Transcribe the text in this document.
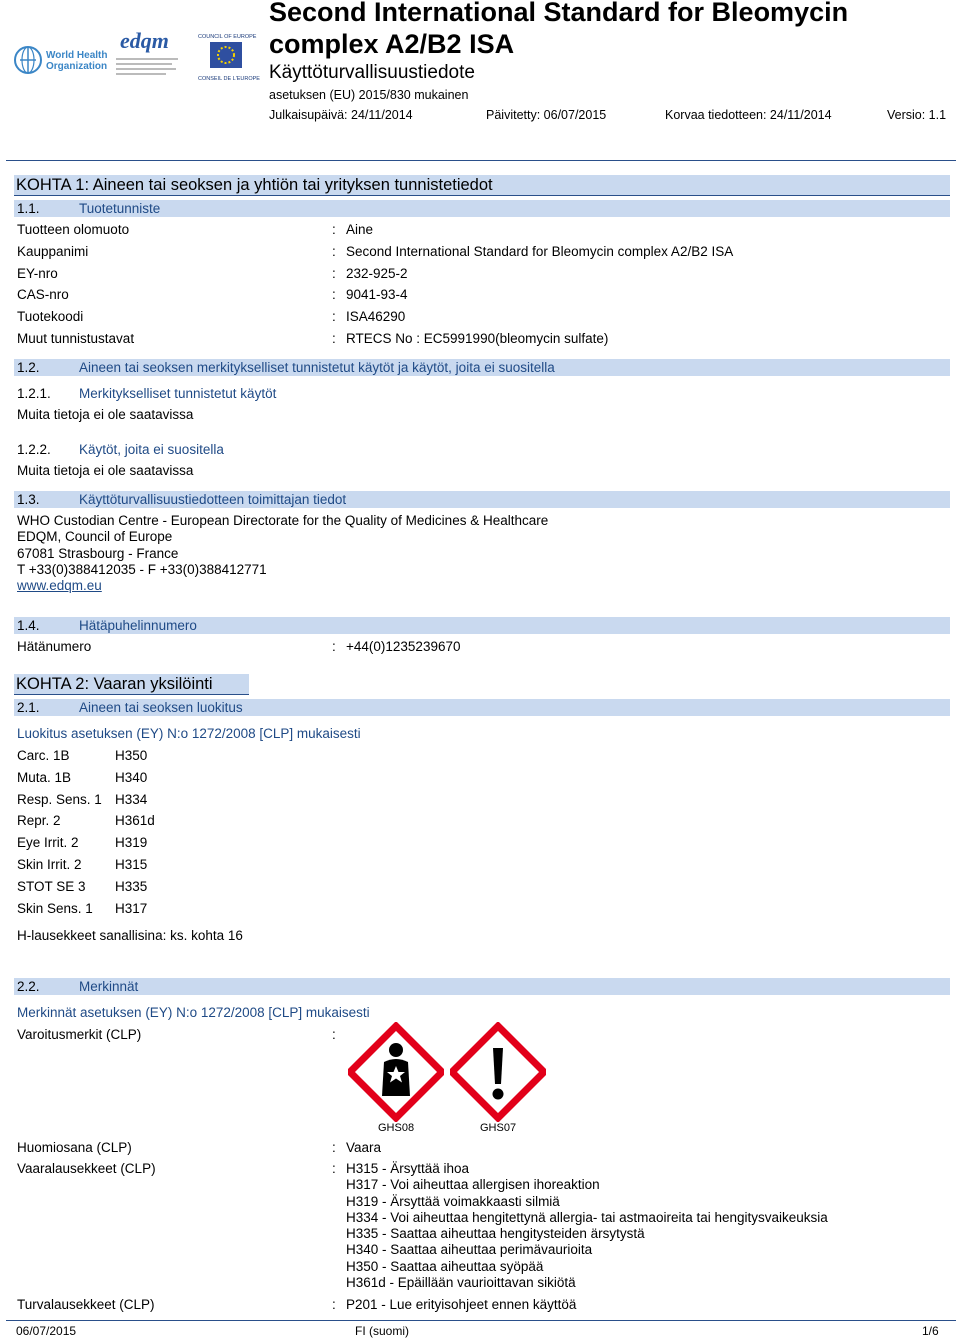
World Health
Organization
edqm	COUNCIL OF EUROPE
CONSEIL DE L'EUROPE
Second International Standard for Bleomycin
complex A2/B2 ISA
Käyttöturvallisuustiedote
asetuksen (EU) 2015/830 mukainen
Julkaisupäivä: 24/11/2014	Päivitetty: 06/07/2015	Korvaa tiedotteen: 24/11/2014	Versio: 1.1
KOHTA 1: Aineen tai seoksen ja yhtiön tai yrityksen tunnistetiedot
1.1.	Tuotetunniste
Tuotteen olomuoto	: Aine
Kauppanimi	: Second International Standard for Bleomycin complex A2/B2 ISA
EY-nro	: 232-925-2
CAS-nro	: 9041-93-4
Tuotekoodi	: ISA46290
Muut tunnistustavat	: RTECS No : EC5991990(bleomycin sulfate)
1.2.	Aineen tai seoksen merkitykselliset tunnistetut käytöt ja käytöt, joita ei suositella
1.2.1. Merkitykselliset tunnistetut käytöt
Muita tietoja ei ole saatavissa
1.2.2. Käytöt, joita ei suositella
Muita tietoja ei ole saatavissa
1.3.	Käyttöturvallisuustiedotteen toimittajan tiedot
WHO Custodian Centre - European Directorate for the Quality of Medicines & Healthcare
EDQM, Council of Europe
67081 Strasbourg - France
T +33(0)388412035 - F +33(0)388412771
www.edqm.eu
1.4.	Hätäpuhelinnumero
Hätänumero	: +44(0)1235239670
KOHTA 2: Vaaran yksilöinti
2.1.	Aineen tai seoksen luokitus
Luokitus asetuksen (EY) N:o 1272/2008 [CLP] mukaisesti
Carc. 1B	H350
Muta. 1B	H340
Resp. Sens. 1 H334
Repr. 2	H361d
Eye Irrit. 2	H319
Skin Irrit. 2 H315
STOT SE 3 H335
Skin Sens. 1 H317
H-lausekkeet sanallisina: ks. kohta 16
2.2.	Merkinnät
Merkinnät asetuksen (EY) N:o 1272/2008 [CLP] mukaisesti
Varoitusmerkit (CLP)	:
GHS08	GHS07
Huomiosana (CLP)	: Vaara
Vaaralausekkeet (CLP)	: H315 - Ärsyttää ihoa
H317 - Voi aiheuttaa allergisen ihoreaktion
H319 - Ärsyttää voimakkaasti silmiä
H334 - Voi aiheuttaa hengitettynä allergia- tai astmaoireita tai hengitysvaikeuksia
H335 - Saattaa aiheuttaa hengitysteiden ärsytystä
H340 - Saattaa aiheuttaa perimävaurioita
H350 - Saattaa aiheuttaa syöpää
H361d - Epäillään vaurioittavan sikiötä
Turvalausekkeet (CLP)	: P201 - Lue erityisohjeet ennen käyttöä
06/07/2015	FI (suomi)	1/6
